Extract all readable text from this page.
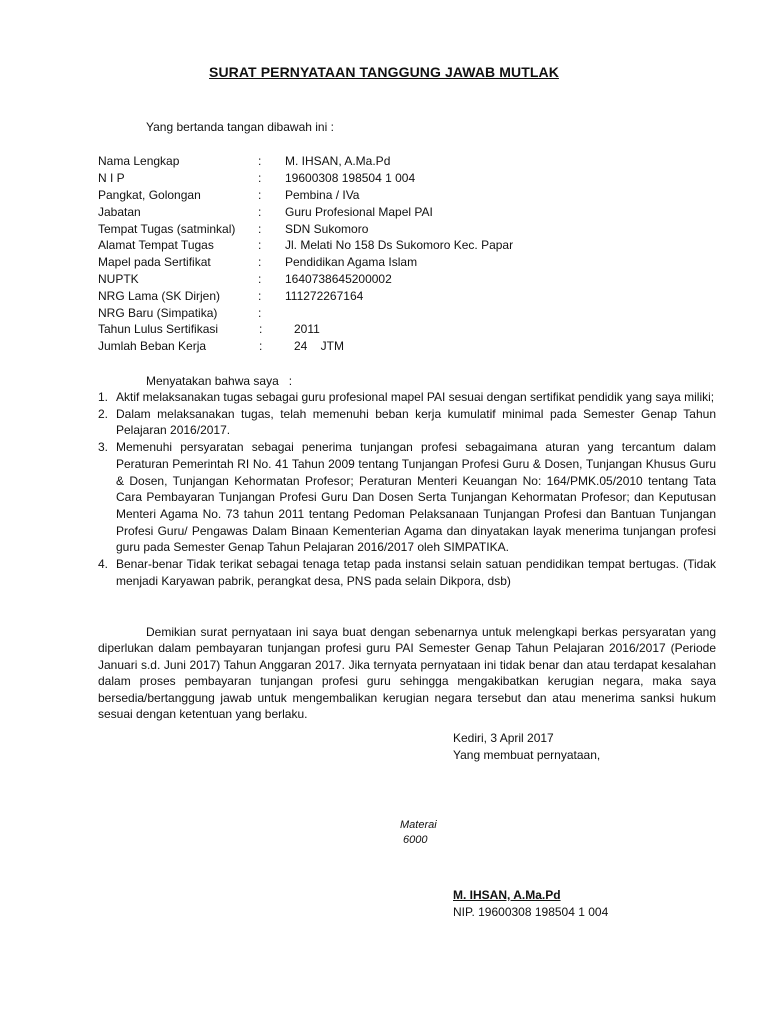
SURAT PERNYATAAN TANGGUNG JAWAB MUTLAK
Yang bertanda tangan dibawah ini :
Nama Lengkap	:	M. IHSAN, A.Ma.Pd
N I P	:	19600308 198504 1 004
Pangkat, Golongan	:	Pembina / IVa
Jabatan	:	Guru Profesional Mapel PAI
Tempat Tugas (satminkal)	:	SDN Sukomoro
Alamat Tempat Tugas	:	Jl. Melati No 158 Ds Sukomoro Kec. Papar
Mapel pada Sertifikat	:	Pendidikan Agama Islam
NUPTK	:	1640738645200002
NRG Lama (SK Dirjen)	:	111272267164
NRG Baru (Simpatika)	:
Tahun Lulus Sertifikasi	:	2011
Jumlah Beban Kerja	:	24    JTM
Menyatakan bahwa saya   :
1. Aktif melaksanakan tugas sebagai guru profesional mapel PAI sesuai dengan sertifikat pendidik yang saya miliki;
2. Dalam melaksanakan tugas, telah memenuhi beban kerja kumulatif minimal pada Semester Genap Tahun Pelajaran 2016/2017.
3. Memenuhi persyaratan sebagai penerima tunjangan profesi sebagaimana aturan yang tercantum dalam Peraturan Pemerintah RI No. 41 Tahun 2009 tentang Tunjangan Profesi Guru & Dosen, Tunjangan Khusus Guru & Dosen, Tunjangan Kehormatan Profesor; Peraturan Menteri Keuangan No: 164/PMK.05/2010 tentang Tata Cara Pembayaran Tunjangan Profesi Guru Dan Dosen Serta Tunjangan Kehormatan Profesor; dan Keputusan Menteri Agama No. 73 tahun 2011 tentang Pedoman Pelaksanaan Tunjangan Profesi dan Bantuan Tunjangan Profesi Guru/ Pengawas Dalam Binaan Kementerian Agama dan dinyatakan layak menerima tunjangan profesi guru pada Semester Genap Tahun Pelajaran 2016/2017 oleh SIMPATIKA.
4. Benar-benar Tidak terikat sebagai tenaga tetap pada instansi selain satuan pendidikan tempat bertugas. (Tidak menjadi Karyawan pabrik, perangkat desa, PNS pada selain Dikpora, dsb)
Demikian surat pernyataan ini saya buat dengan sebenarnya untuk melengkapi berkas persyaratan yang diperlukan dalam pembayaran tunjangan profesi guru PAI Semester Genap Tahun Pelajaran 2016/2017 (Periode Januari s.d. Juni 2017) Tahun Anggaran 2017. Jika ternyata pernyataan ini tidak benar dan atau terdapat kesalahan dalam proses pembayaran tunjangan profesi guru sehingga mengakibatkan kerugian negara, maka saya bersedia/bertanggung jawab untuk mengembalikan kerugian negara tersebut dan atau menerima sanksi hukum sesuai dengan ketentuan yang berlaku.
Kediri, 3 April 2017
Yang membuat pernyataan,
Materai
6000
M. IHSAN, A.Ma.Pd
NIP. 19600308 198504 1 004
